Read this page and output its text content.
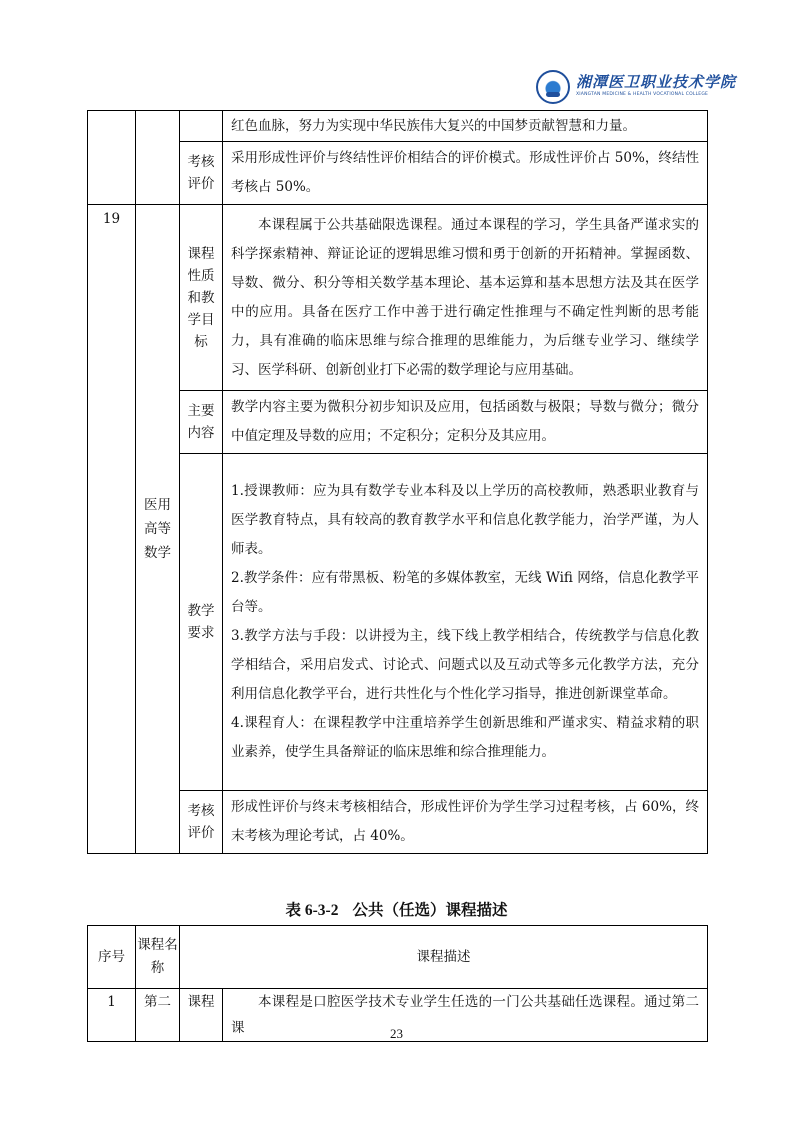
湘潭医卫职业技术学院
XIANGTAN MEDICINE & HEALTH VOCATIONAL COLLEGE
			红色血脉，努力为实现中华民族伟大复兴的中国梦贡献智慧和力量。
		考核评价	采用形成性评价与终结性评价相结合的评价模式。形成性评价占 50%，终结性考核占 50%。
19	医用高等数学	课程性质和教学目标	本课程属于公共基础限选课程。通过本课程的学习，学生具备严谨求实的科学探索精神、辩证论证的逻辑思维习惯和勇于创新的开拓精神。掌握函数、导数、微分、积分等相关数学基本理论、基本运算和基本思想方法及其在医学中的应用。具备在医疗工作中善于进行确定性推理与不确定性判断的思考能力，具有准确的临床思维与综合推理的思维能力，为后继专业学习、继续学习、医学科研、创新创业打下必需的数学理论与应用基础。

		主要内容	教学内容主要为微积分初步知识及应用，包括函数与极限；导数与微分；微分中值定理及导数的应用；不定积分；定积分及其应用。
		教学要求	1.授课教师：应为具有数学专业本科及以上学历的高校教师，熟悉职业教育与医学教育特点，具有较高的教育教学水平和信息化教学能力，治学严谨，为人师表。

2.教学条件：应有带黑板、粉笔的多媒体教室，无线 Wifi 网络，信息化教学平台等。

3.教学方法与手段：以讲授为主，线下线上教学相结合，传统教学与信息化教学相结合，采用启发式、讨论式、问题式以及互动式等多元化教学方法，充分利用信息化教学平台，进行共性化与个性化学习指导，推进创新课堂革命。

4.课程育人：在课程教学中注重培养学生创新思维和严谨求实、精益求精的职业素养，使学生具备辩证的临床思维和综合推理能力。

		考核评价	形成性评价与终末考核相结合，形成性评价为学生学习过程考核，占 60%，终末考核为理论考试，占 40%。
表 6-3-2 公共（任选）课程描述
序号	课程名称	课程描述	
1	第二	课程	本课程是口腔医学技术专业学生任选的一门公共基础任选课程。通过第二课	23
